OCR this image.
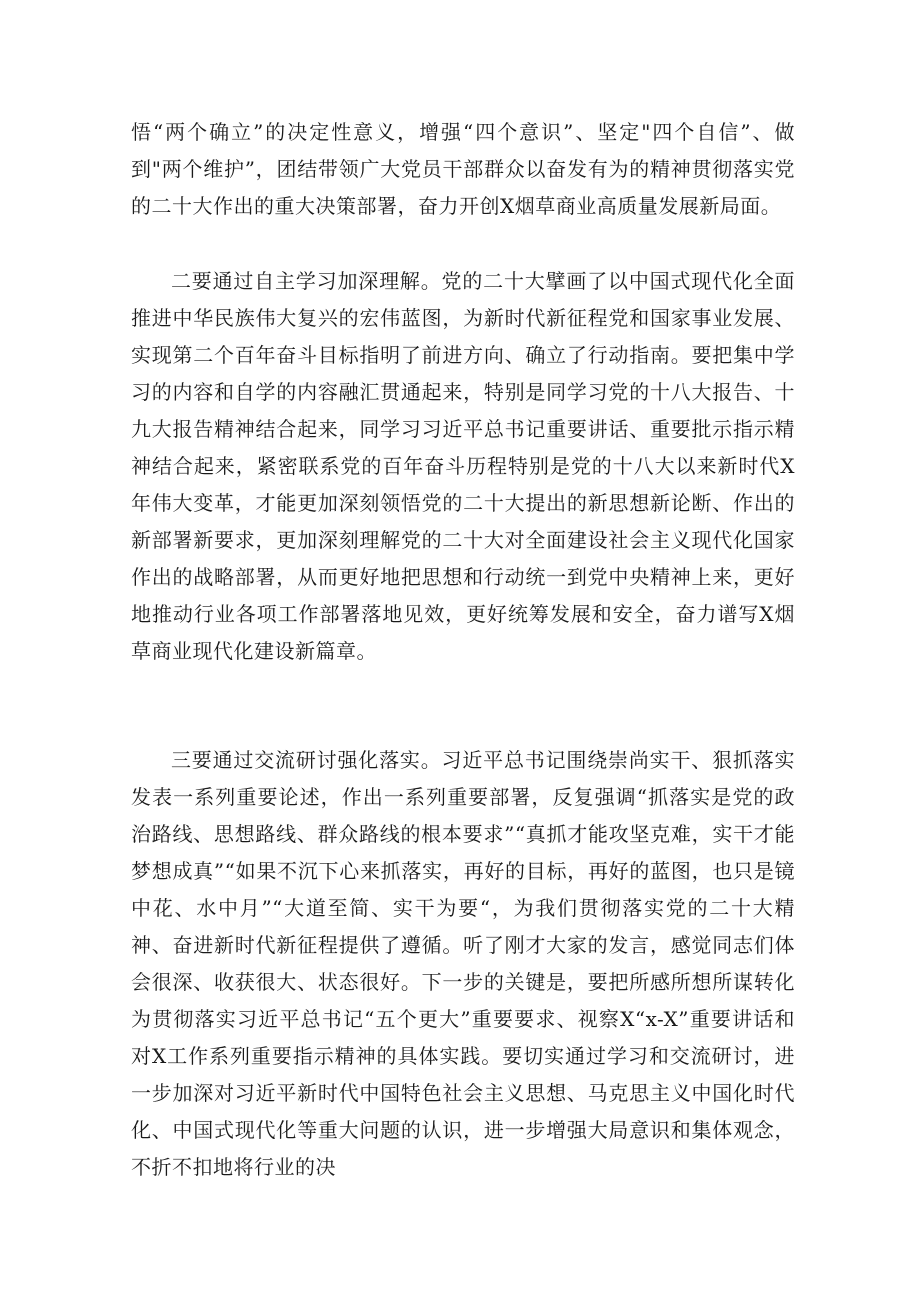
悟“两个确立”的决定性意义，增强“四个意识”、坚定"四个自信”、做到"两个维护”，团结带领广大党员干部群众以奋发有为的精神贯彻落实党的二十大作出的重大决策部署，奋力开创X烟草商业高质量发展新局面。

二要通过自主学习加深理解。党的二十大擘画了以中国式现代化全面推进中华民族伟大复兴的宏伟蓝图，为新时代新征程党和国家事业发展、实现第二个百年奋斗目标指明了前进方向、确立了行动指南。要把集中学习的内容和自学的内容融汇贯通起来，特别是同学习党的十八大报告、十九大报告精神结合起来，同学习习近平总书记重要讲话、重要批示指示精神结合起来，紧密联系党的百年奋斗历程特别是党的十八大以来新时代X年伟大变革，才能更加深刻领悟党的二十大提出的新思想新论断、作出的新部署新要求，更加深刻理解党的二十大对全面建设社会主义现代化国家作出的战略部署，从而更好地把思想和行动统一到党中央精神上来，更好地推动行业各项工作部署落地见效，更好统筹发展和安全，奋力谱写X烟草商业现代化建设新篇章。

三要通过交流研讨强化落实。习近平总书记围绕崇尚实干、狠抓落实发表一系列重要论述，作出一系列重要部署，反复强调“抓落实是党的政治路线、思想路线、群众路线的根本要求”“真抓才能攻坚克难，实干才能梦想成真”“如果不沉下心来抓落实，再好的目标，再好的蓝图，也只是镜中花、水中月”“大道至简、实干为要“，为我们贯彻落实党的二十大精神、奋进新时代新征程提供了遵循。听了刚才大家的发言，感觉同志们体会很深、收获很大、状态很好。下一步的关键是，要把所感所想所谋转化为贯彻落实习近平总书记“五个更大”重要要求、视察X“x-X”重要讲话和对X工作系列重要指示精神的具体实践。要切实通过学习和交流研讨，进一步加深对习近平新时代中国特色社会主义思想、马克思主义中国化时代化、中国式现代化等重大问题的认识，进一步增强大局意识和集体观念，不折不扣地将行业的决
